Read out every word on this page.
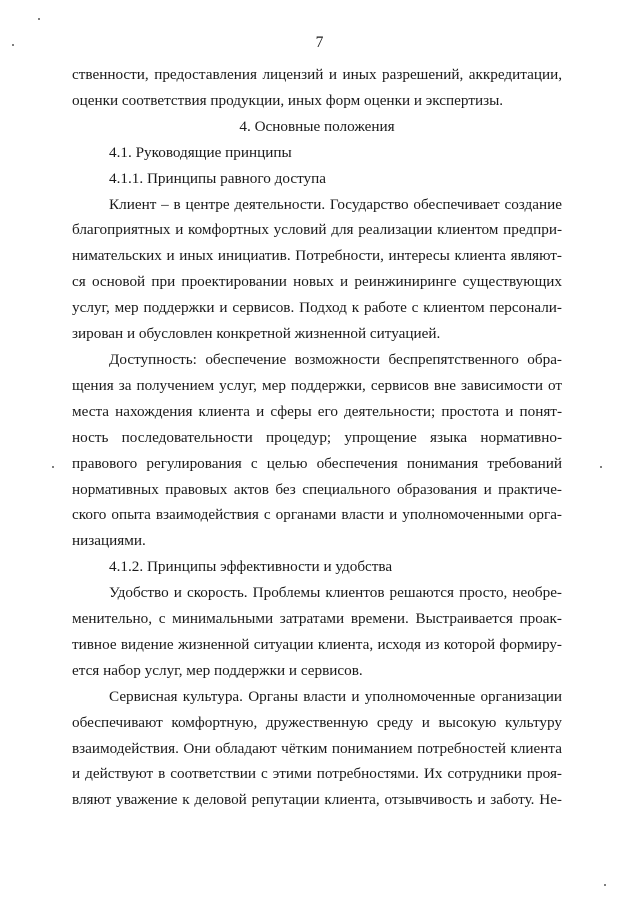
7

ственности, предоставления лицензий и иных разрешений, аккредитации,

оценки соответствия продукции, иных форм оценки и экспертизы.

4. Основные положения

4.1. Руководящие принципы

4.1.1. Принципы равного доступа

Клиент – в центре деятельности. Государство обеспечивает создание

благоприятных и комфортных условий для реализации клиентом предпри-

нимательских и иных инициатив. Потребности, интересы клиента являют-

ся основой при проектировании новых и реинжиниринге существующих

услуг, мер поддержки и сервисов. Подход к работе с клиентом персонали-

зирован и обусловлен конкретной жизненной ситуацией.

Доступность: обеспечение возможности беспрепятственного обра-

щения за получением услуг, мер поддержки, сервисов вне зависимости от

места нахождения клиента и сферы его деятельности; простота и понят-

ность последовательности процедур; упрощение языка нормативно-

правового регулирования с целью обеспечения понимания требований

нормативных правовых актов без специального образования и практиче-

ского опыта взаимодействия с органами власти и уполномоченными орга-

низациями.

4.1.2. Принципы эффективности и удобства

Удобство и скорость. Проблемы клиентов решаются просто, необре-

менительно, с минимальными затратами времени. Выстраивается проак-

тивное видение жизненной ситуации клиента, исходя из которой формиру-

ется набор услуг, мер поддержки и сервисов.

Сервисная культура. Органы власти и уполномоченные организации

обеспечивают комфортную, дружественную среду и высокую культуру

взаимодействия. Они обладают чётким пониманием потребностей клиента

и действуют в соответствии с этими потребностями. Их сотрудники проя-

вляют уважение к деловой репутации клиента, отзывчивость и заботу. Не-
